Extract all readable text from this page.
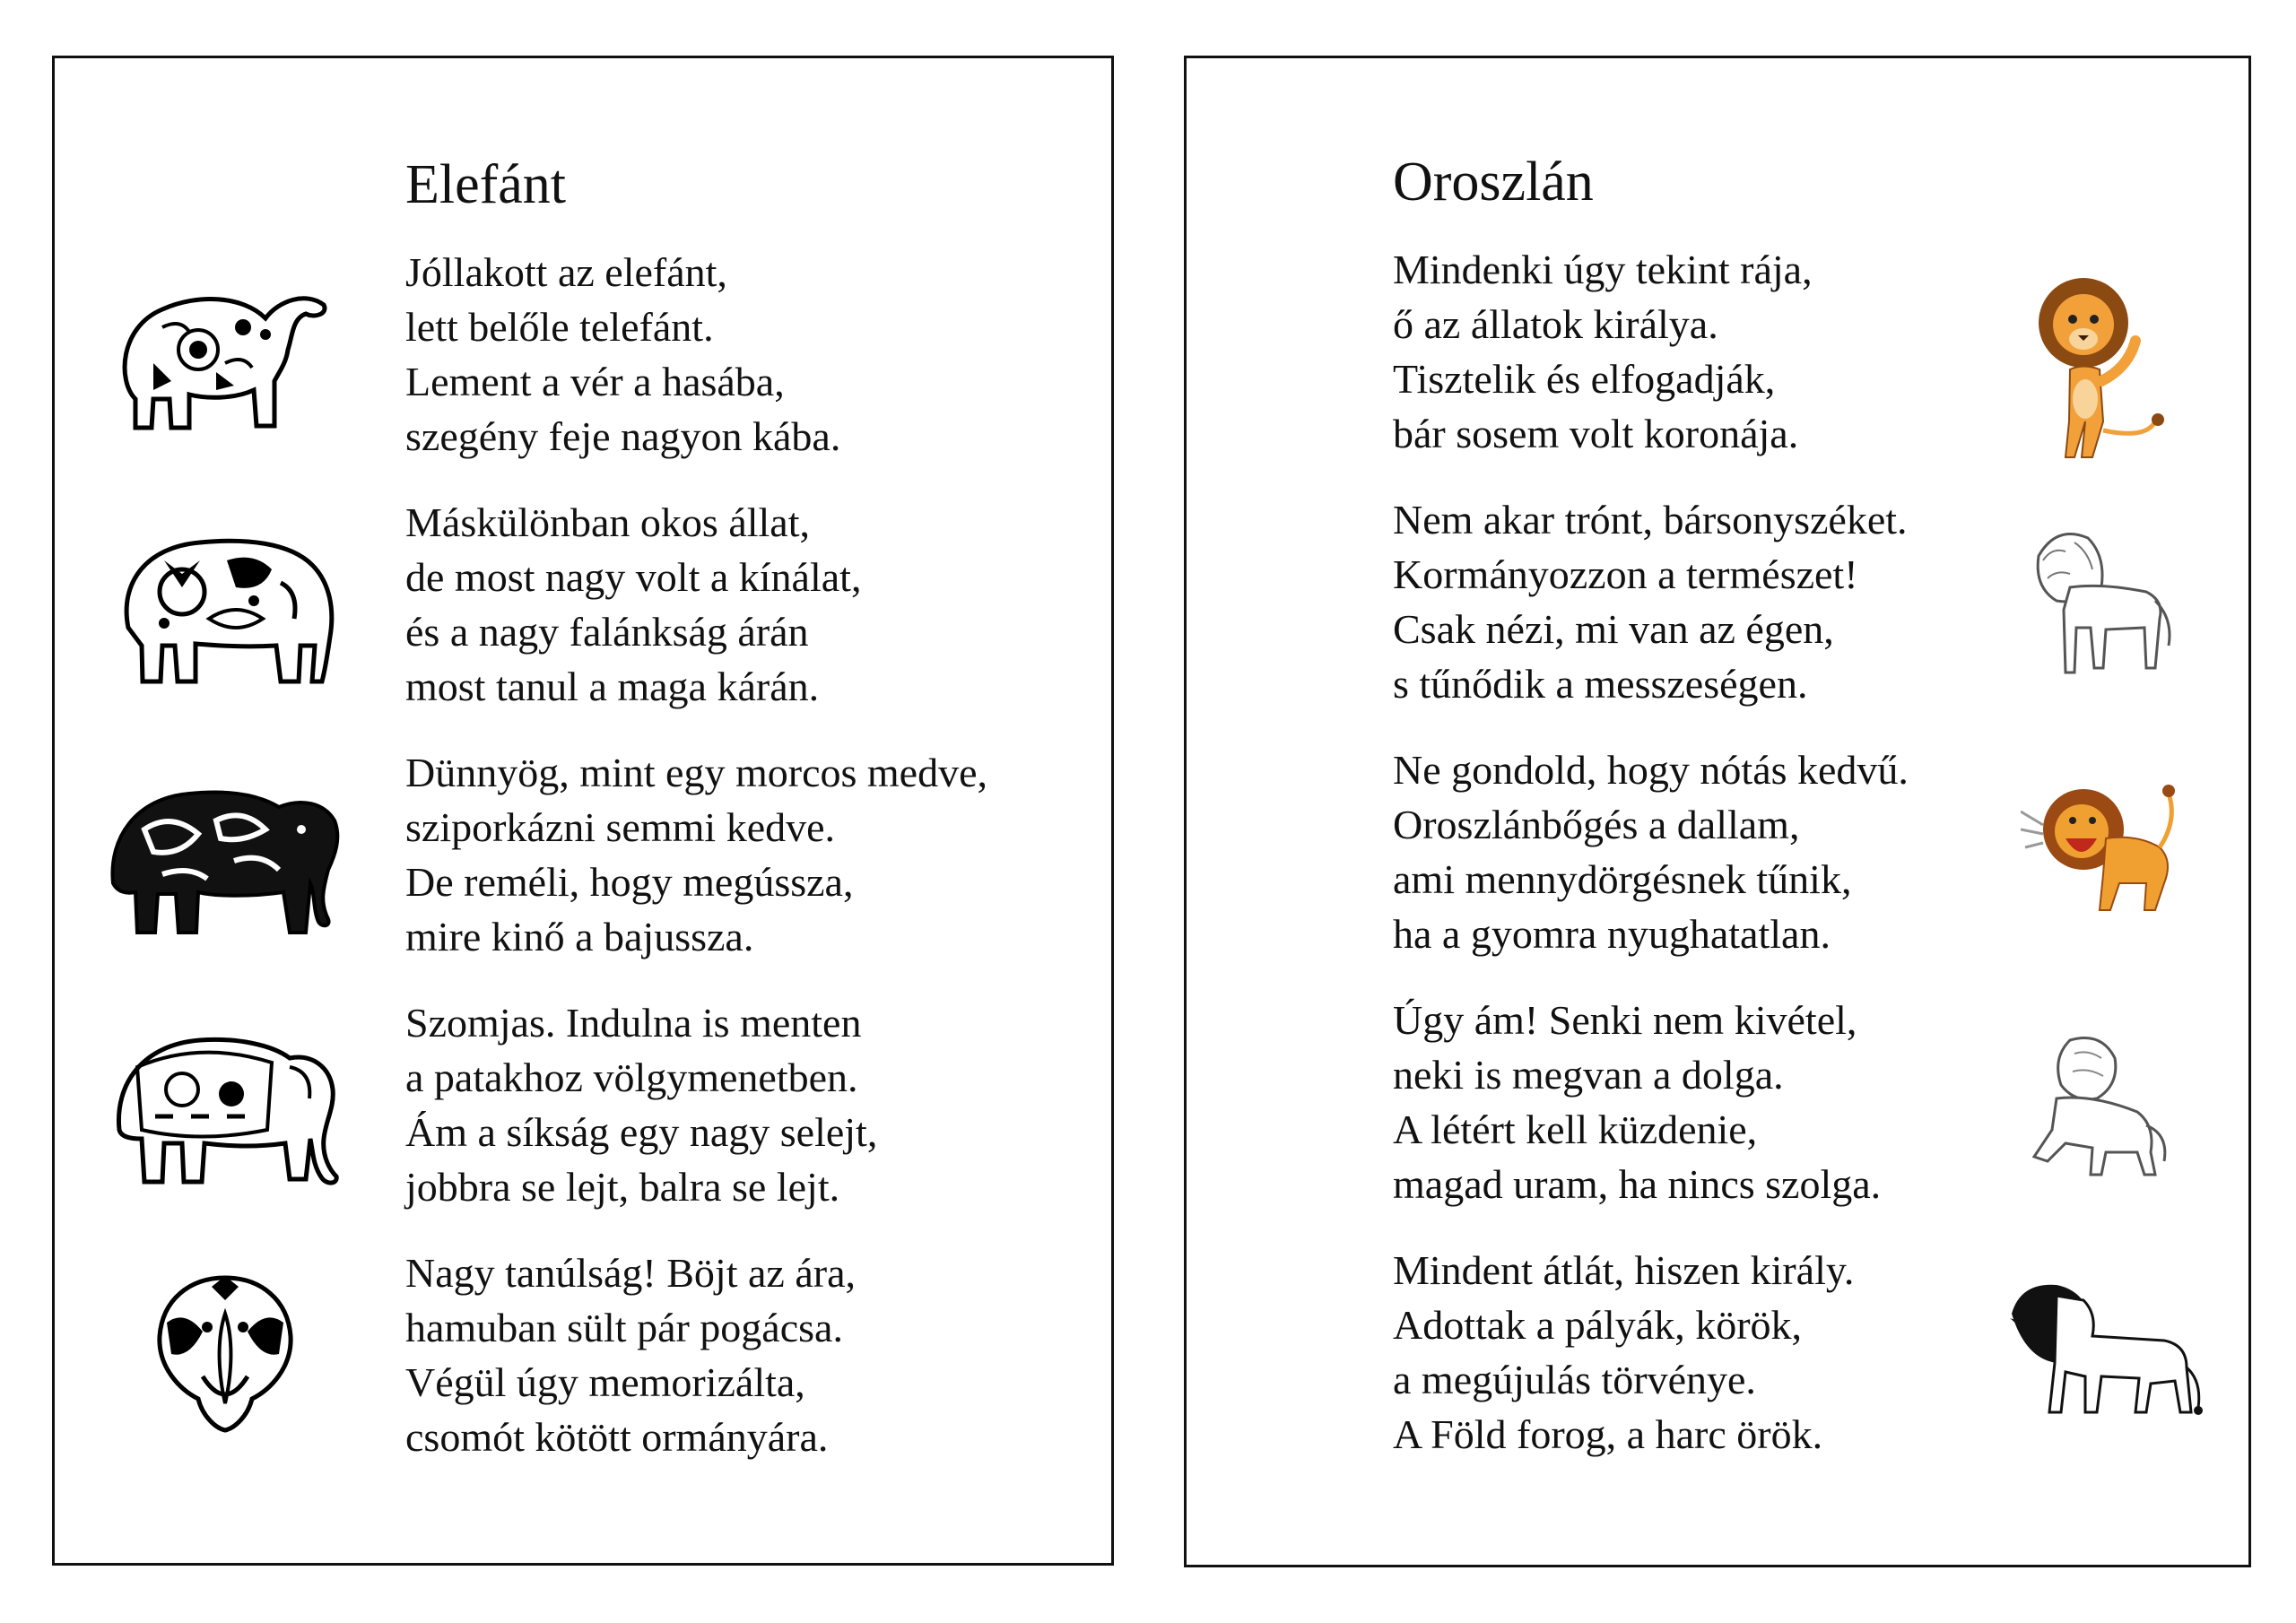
Elefánt
Jóllakott az elefánt,
lett belőle telefánt.
Lement a vér a hasába,
szegény feje nagyon kába.
Máskülönban okos állat,
de most nagy volt a kínálat,
és a nagy falánkság árán
most tanul a maga kárán.
Dünnyög, mint egy morcos medve,
sziporkázni semmi kedve.
De reméli, hogy megússza,
mire kinő a bajussza.
Szomjas. Indulna is menten
a patakhoz völgymenetben.
Ám a síkság egy nagy selejt,
jobbra se lejt, balra se lejt.
Nagy tanúlság! Böjt az ára,
hamuban sült pár pogácsa.
Végül úgy memorizálta,
csomót kötött ormányára.
Oroszlán
Mindenki úgy tekint rája,
ő az állatok királya.
Tisztelik és elfogadják,
bár sosem volt koronája.
Nem akar trónt, bársonyszéket.
Kormányozzon a természet!
Csak nézi, mi van az égen,
s tűnődik a messzeségen.
Ne gondold, hogy nótás kedvű.
Oroszlánbőgés a dallam,
ami mennydörgésnek tűnik,
ha a gyomra nyughatatlan.
Úgy ám! Senki nem kivétel,
neki is megvan a dolga.
A létért kell küzdenie,
magad uram, ha nincs szolga.
Mindent átlát, hiszen király.
Adottak a pályák, körök,
a megújulás törvénye.
A Föld forog, a harc örök.
